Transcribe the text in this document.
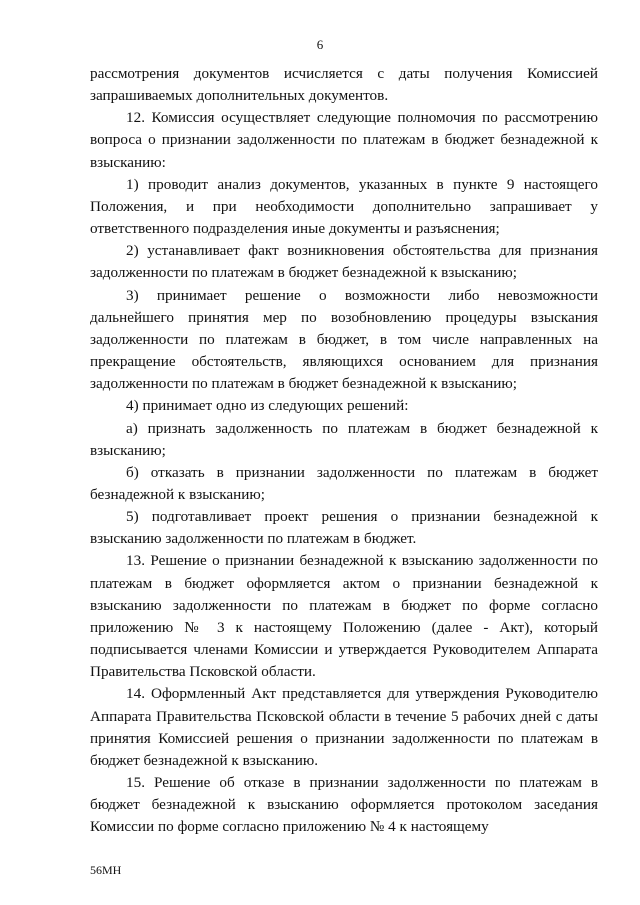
6

рассмотрения документов исчисляется с даты получения Комиссией запрашиваемых дополнительных документов.

12. Комиссия осуществляет следующие полномочия по рассмотрению вопроса о признании задолженности по платежам в бюджет безнадежной к взысканию:

1) проводит анализ документов, указанных в пункте 9 настоящего Положения, и при необходимости дополнительно запрашивает у ответственного подразделения иные документы и разъяснения;

2) устанавливает факт возникновения обстоятельства для признания задолженности по платежам в бюджет безнадежной к взысканию;

3) принимает решение о возможности либо невозможности дальнейшего принятия мер по возобновлению процедуры взыскания задолженности по платежам в бюджет, в том числе направленных на прекращение обстоятельств, являющихся основанием для признания задолженности по платежам в бюджет безнадежной к взысканию;

4) принимает одно из следующих решений:

а) признать задолженность по платежам в бюджет безнадежной к взысканию;

б) отказать в признании задолженности по платежам в бюджет безнадежной к взысканию;

5) подготавливает проект решения о признании безнадежной к взысканию задолженности по платежам в бюджет.

13. Решение о признании безнадежной к взысканию задолженности по платежам в бюджет оформляется актом о признании безнадежной к взысканию задолженности по платежам в бюджет по форме согласно приложению № 3 к настоящему Положению (далее - Акт), который подписывается членами Комиссии и утверждается Руководителем Аппарата Правительства Псковской области.

14. Оформленный Акт представляется для утверждения Руководителю Аппарата Правительства Псковской области в течение 5 рабочих дней с даты принятия Комиссией решения о признании задолженности по платежам в бюджет безнадежной к взысканию.

15. Решение об отказе в признании задолженности по платежам в бюджет безнадежной к взысканию оформляется протоколом заседания Комиссии по форме согласно приложению № 4 к настоящему

56МН
